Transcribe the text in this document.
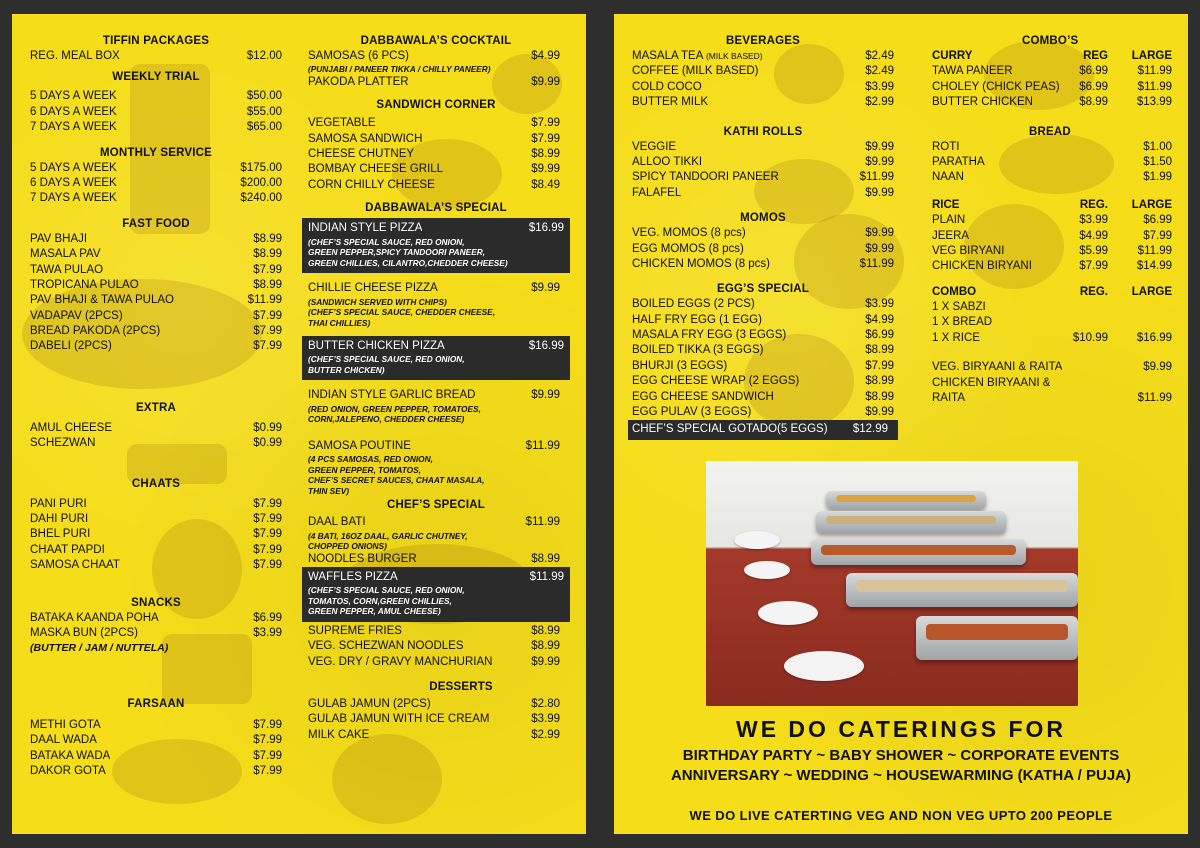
TIFFIN PACKAGES
REG. MEAL BOX	$12.00
WEEKLY TRIAL
5 DAYS A WEEK	$50.00
6 DAYS A WEEK	$55.00
7 DAYS A WEEK	$65.00
MONTHLY SERVICE
5 DAYS A WEEK	$175.00
6 DAYS A WEEK	$200.00
7 DAYS A WEEK	$240.00
FAST FOOD
PAV BHAJI	$8.99
MASALA PAV	$8.99
TAWA PULAO	$7.99
TROPICANA PULAO	$8.99
PAV BHAJI & TAWA PULAO	$11.99
VADAPAV (2PCS)	$7.99
BREAD PAKODA (2PCS)	$7.99
DABELI (2PCS)	$7.99
EXTRA
AMUL CHEESE	$0.99
SCHEZWAN	$0.99
CHAATS
PANI PURI	$7.99
DAHI PURI	$7.99
BHEL PURI	$7.99
CHAAT PAPDI	$7.99
SAMOSA CHAAT	$7.99
SNACKS
BATAKA KAANDA POHA	$6.99
MASKA BUN (2PCS)	$3.99
(BUTTER / JAM / NUTTELA)
FARSAAN
METHI GOTA	$7.99
DAAL WADA	$7.99
BATAKA WADA	$7.99
DAKOR GOTA	$7.99
DABBAWALA’S COCKTAIL
SAMOSAS (6 PCS)	$4.99
(PUNJABI / PANEER TIKKA / CHILLY PANEER)
PAKODA PLATTER	$9.99
SANDWICH CORNER
VEGETABLE	$7.99
SAMOSA SANDWICH	$7.99
CHEESE CHUTNEY	$8.99
BOMBAY CHEESE GRILL	$9.99
CORN CHILLY CHEESE	$8.49
DABBAWALA’S SPECIAL
INDIAN STYLE PIZZA	$16.99
(CHEF’S SPECIAL SAUCE, RED ONION,
GREEN PEPPER,SPICY TANDOORI PANEER,
GREEN CHILLIES, CILANTRO,CHEDDER CHEESE)
CHILLIE CHEESE PIZZA	$9.99
(SANDWICH SERVED WITH CHIPS)
(CHEF’S SPECIAL SAUCE, CHEDDER CHEESE,
THAI CHILLIES)
BUTTER CHICKEN PIZZA	$16.99
(CHEF’S SPECIAL SAUCE, RED ONION,
BUTTER CHICKEN)
INDIAN STYLE GARLIC BREAD	$9.99
(RED ONION, GREEN PEPPER, TOMATOES,
CORN,JALEPENO, CHEDDER CHEESE)
SAMOSA POUTINE	$11.99
(4 PCS SAMOSAS, RED ONION,
GREEN PEPPER, TOMATOS,
CHEF’S SECRET SAUCES, CHAAT MASALA,
THIN SEV)
CHEF’S SPECIAL
DAAL BATI	$11.99
(4 BATI, 16OZ DAAL, GARLIC CHUTNEY,
CHOPPED ONIONS)
NOODLES BURGER	$8.99
WAFFLES PIZZA	$11.99
(CHEF’S SPECIAL SAUCE, RED ONION,
TOMATOS, CORN,GREEN CHILLIES,
GREEN PEPPER, AMUL CHEESE)
SUPREME FRIES	$8.99
VEG. SCHEZWAN NOODLES	$8.99
VEG. DRY / GRAVY MANCHURIAN	$9.99
DESSERTS
GULAB JAMUN (2PCS)	$2.80
GULAB JAMUN WITH ICE CREAM	$3.99
MILK CAKE	$2.99
BEVERAGES
MASALA TEA (MILK BASED)	$2.49
COFFEE (MILK BASED)	$2.49
COLD COCO	$3.99
BUTTER MILK	$2.99
KATHI ROLLS
VEGGIE	$9.99
ALLOO TIKKI	$9.99
SPICY TANDOORI PANEER	$11.99
FALAFEL	$9.99
MOMOS
VEG. MOMOS (8 pcs)	$9.99
EGG MOMOS (8 pcs)	$9.99
CHICKEN MOMOS (8 pcs)	$11.99
EGG’S SPECIAL
BOILED EGGS (2 PCS)	$3.99
HALF FRY EGG (1 EGG)	$4.99
MASALA FRY EGG (3 EGGS)	$6.99
BOILED TIKKA (3 EGGS)	$8.99
BHURJI (3 EGGS)	$7.99
EGG CHEESE WRAP (2 EGGS)	$8.99
EGG CHEESE SANDWICH	$8.99
EGG PULAV (3 EGGS)	$9.99
CHEF’S SPECIAL GOTADO(5 EGGS)	$12.99
COMBO’S
CURRY	REG	LARGE
TAWA PANEER	$6.99	$11.99
CHOLEY (CHICK PEAS)	$6.99	$11.99
BUTTER CHICKEN	$8.99	$13.99
BREAD
ROTI	$1.00
PARATHA	$1.50
NAAN	$1.99
RICE	REG.	LARGE
PLAIN	$3.99	$6.99
JEERA	$4.99	$7.99
VEG BIRYANI	$5.99	$11.99
CHICKEN BIRYANI	$7.99	$14.99
COMBO	REG.	LARGE
1 X SABZI
1 X BREAD
1 X RICE	$10.99	$16.99
VEG. BIRYAANI & RAITA	$9.99
CHICKEN BIRYAANI &
RAITA	$11.99
WE DO CATERINGS FOR
BIRTHDAY PARTY ~ BABY SHOWER ~ CORPORATE EVENTS
ANNIVERSARY ~ WEDDING ~ HOUSEWARMING (KATHA / PUJA)
WE DO LIVE CATERTING VEG AND NON VEG UPTO 200 PEOPLE
